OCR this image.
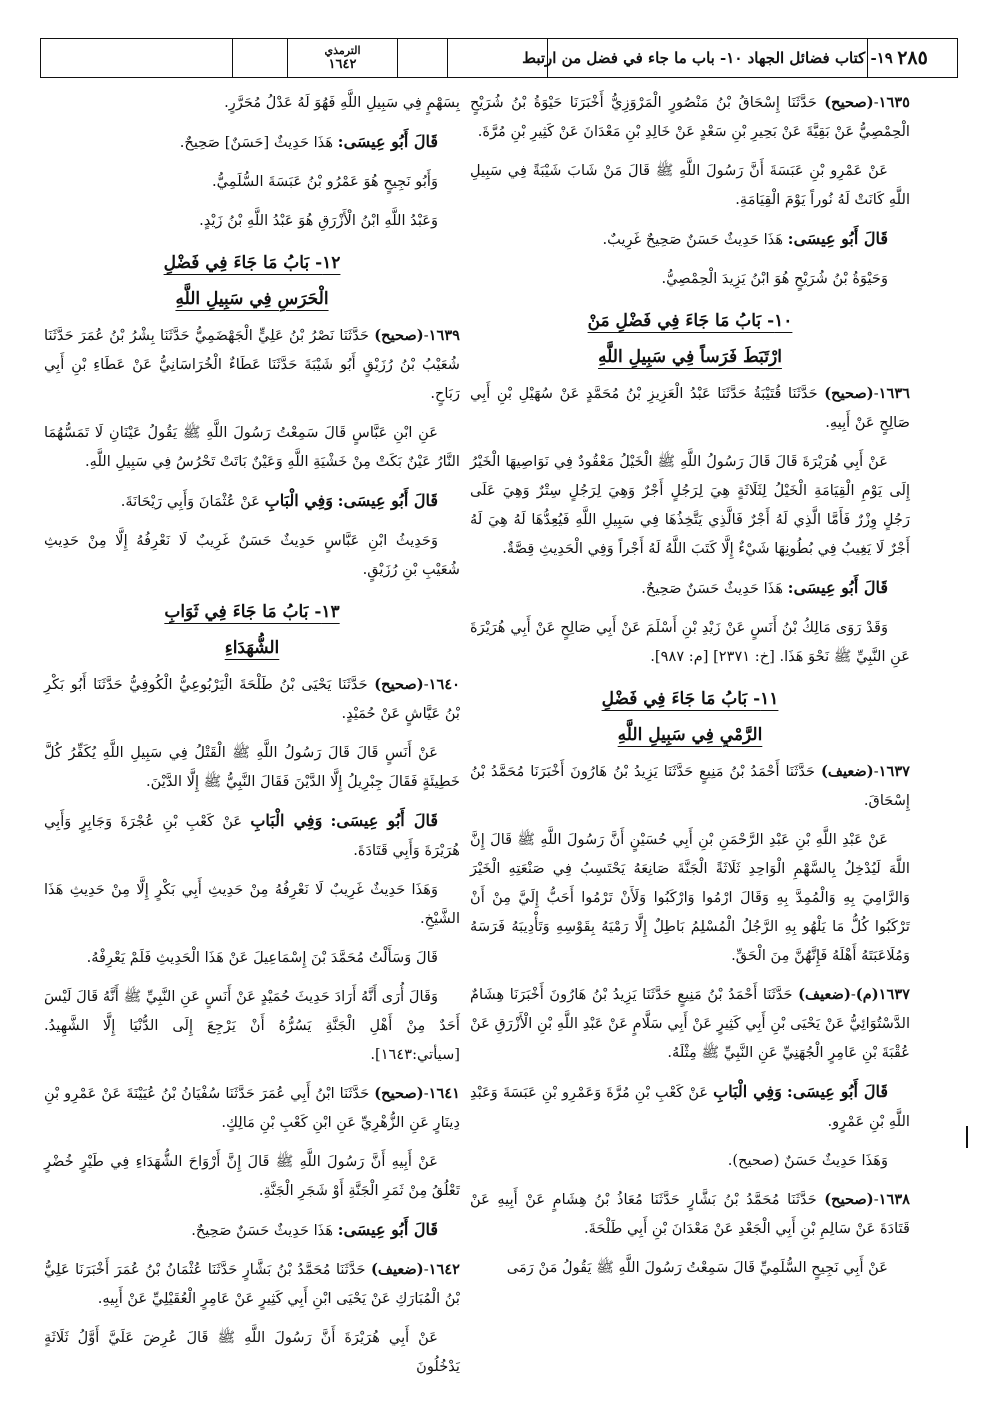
٢٨٥
١٩- كتاب فضائل الجهاد ١٠- باب ما جاء في فضل من ارتبط
الترمذي
١٦٤٢

١٦٣٥-(صحيح) حَدَّثَنَا إِسْحَاقُ بْنُ مَنْصُورٍ الْمَرْوَزِيُّ أَخْبَرَنَا حَيْوَةُ بْنُ شُرَيْحٍ الْحِمْصِيُّ عَنْ بَقِيَّةَ عَنْ بَحِيرِ بْنِ سَعْدٍ عَنْ خَالِدِ بْنِ مَعْدَانَ عَنْ كَثِيرِ بْنِ مُرَّةَ.

عَنْ عَمْرِو بْنِ عَبَسَةَ أَنَّ رَسُولَ اللَّهِ ﷺ قَالَ مَنْ شَابَ شَيْبَةً فِي سَبِيلِ اللَّهِ كَانَتْ لَهُ نُوراً يَوْمَ الْقِيَامَةِ.

قَالَ أَبُو عِيسَى: هَذَا حَدِيثٌ حَسَنٌ صَحِيحٌ غَرِيبٌ.

وَحَيْوَةُ بْنُ شُرَيْحٍ هُوَ ابْنُ يَزِيدَ الْحِمْصِيُّ.

١٠- بَابُ مَا جَاءَ فِي فَضْلِ مَنْ
ارْتَبَطَ فَرَساً فِي سَبِيلِ اللَّهِ

١٦٣٦-(صحيح) حَدَّثَنَا قُتَيْبَةُ حَدَّثَنَا عَبْدُ الْعَزِيزِ بْنُ مُحَمَّدٍ عَنْ سُهَيْلِ بْنِ أَبِي صَالِحٍ عَنْ أَبِيهِ.

عَنْ أَبِي هُرَيْرَةَ قَالَ قَالَ رَسُولُ اللَّهِ ﷺ الْخَيْلُ مَعْقُودٌ فِي نَوَاصِيهَا الْخَيْرُ إِلَى يَوْمِ الْقِيَامَةِ الْخَيْلُ لِثَلَاثَةٍ هِيَ لِرَجُلٍ أَجْرٌ وَهِيَ لِرَجُلٍ سِتْرٌ وَهِيَ عَلَى رَجُلٍ وِزْرٌ فَأَمَّا الَّذِي لَهُ أَجْرٌ فَالَّذِي يَتَّخِذُهَا فِي سَبِيلِ اللَّهِ فَيُعِدُّهَا لَهُ هِيَ لَهُ أَجْرٌ لَا يَغِيبُ فِي بُطُونِهَا شَيْءٌ إِلَّا كَتَبَ اللَّهُ لَهُ أَجْراً وَفِي الْحَدِيثِ قِصَّةٌ.

قَالَ أَبُو عِيسَى: هَذَا حَدِيثٌ حَسَنٌ صَحِيحٌ.

وَقَدْ رَوَى مَالِكُ بْنُ أَنَسٍ عَنْ زَيْدِ بْنِ أَسْلَمَ عَنْ أَبِي صَالِحٍ عَنْ أَبِي هُرَيْرَةَ عَنِ النَّبِيِّ ﷺ نَحْوَ هَذَا. [خ: ٢٣٧١] [م: ٩٨٧].

١١- بَابُ مَا جَاءَ فِي فَضْلِ
الرَّمْيِ فِي سَبِيلِ اللَّهِ

١٦٣٧-(ضعيف) حَدَّثَنَا أَحْمَدُ بْنُ مَنِيعٍ حَدَّثَنَا يَزِيدُ بْنُ هَارُونَ أَخْبَرَنَا مُحَمَّدُ بْنُ إِسْحَاقَ.

عَنْ عَبْدِ اللَّهِ بْنِ عَبْدِ الرَّحْمَنِ بْنِ أَبِي حُسَيْنٍ أَنَّ رَسُولَ اللَّهِ ﷺ قَالَ إِنَّ اللَّهَ لَيُدْخِلُ بِالسَّهْمِ الْوَاحِدِ ثَلَاثَةً الْجَنَّةَ صَانِعَهُ يَحْتَسِبُ فِي صَنْعَتِهِ الْخَيْرَ وَالرَّامِيَ بِهِ وَالْمُمِدَّ بِهِ وَقَالَ ارْمُوا وَارْكَبُوا وَلَأَنْ تَرْمُوا أَحَبُّ إِلَيَّ مِنْ أَنْ تَرْكَبُوا كُلُّ مَا يَلْهُو بِهِ الرَّجُلُ الْمُسْلِمُ بَاطِلٌ إِلَّا رَمْيَهُ بِقَوْسِهِ وَتَأْدِيبَهُ فَرَسَهُ وَمُلَاعَبَتَهُ أَهْلَهُ فَإِنَّهُنَّ مِنَ الْحَقِّ.

١٦٣٧(م)-(ضعيف) حَدَّثَنَا أَحْمَدُ بْنُ مَنِيعٍ حَدَّثَنَا يَزِيدُ بْنُ هَارُونَ أَخْبَرَنَا هِشَامٌ الدَّسْتُوَائِيُّ عَنْ يَحْيَى بْنِ أَبِي كَثِيرٍ عَنْ أَبِي سَلَّامٍ عَنْ عَبْدِ اللَّهِ بْنِ الْأَزْرَقِ عَنْ عُقْبَةَ بْنِ عَامِرٍ الْجُهَنِيِّ عَنِ النَّبِيِّ ﷺ مِثْلَهُ.

قَالَ أَبُو عِيسَى: وَفِي الْبَابِ عَنْ كَعْبِ بْنِ مُرَّةَ وَعَمْرِو بْنِ عَبَسَةَ وَعَبْدِ اللَّهِ بْنِ عَمْرٍو.

وَهَذَا حَدِيثٌ حَسَنٌ (صحيح).

١٦٣٨-(صحيح) حَدَّثَنَا مُحَمَّدُ بْنُ بَشَّارٍ حَدَّثَنَا مُعَاذُ بْنُ هِشَامٍ عَنْ أَبِيهِ عَنْ قَتَادَةَ عَنْ سَالِمِ بْنِ أَبِي الْجَعْدِ عَنْ مَعْدَانَ بْنِ أَبِي طَلْحَةَ.

عَنْ أَبِي نَجِيحٍ السُّلَمِيِّ قَالَ سَمِعْتُ رَسُولَ اللَّهِ ﷺ يَقُولُ مَنْ رَمَى

بِسَهْمٍ فِي سَبِيلِ اللَّهِ فَهُوَ لَهُ عَدْلُ مُحَرَّرٍ.

قَالَ أَبُو عِيسَى: هَذَا حَدِيثٌ [حَسَنٌ] صَحِيحٌ.

وَأَبُو نَجِيحٍ هُوَ عَمْرُو بْنُ عَبَسَةَ السُّلَمِيُّ.

وَعَبْدُ اللَّهِ ابْنُ الْأَزْرَقِ هُوَ عَبْدُ اللَّهِ بْنُ زَيْدٍ.

١٢- بَابُ مَا جَاءَ فِي فَضْلِ
الْحَرَسِ فِي سَبِيلِ اللَّهِ

١٦٣٩-(صحيح) حَدَّثَنَا نَصْرُ بْنُ عَلِيٍّ الْجَهْضَمِيُّ حَدَّثَنَا بِشْرُ بْنُ عُمَرَ حَدَّثَنَا شُعَيْبُ بْنُ رُزَيْقٍ أَبُو شَيْبَةَ حَدَّثَنَا عَطَاءٌ الْخُرَاسَانِيُّ عَنْ عَطَاءِ بْنِ أَبِي رَبَاحٍ.

عَنِ ابْنِ عَبَّاسٍ قَالَ سَمِعْتُ رَسُولَ اللَّهِ ﷺ يَقُولُ عَيْنَانِ لَا تَمَسُّهُمَا النَّارُ عَيْنٌ بَكَتْ مِنْ خَشْيَةِ اللَّهِ وَعَيْنٌ بَاتَتْ تَحْرُسُ فِي سَبِيلِ اللَّهِ.

قَالَ أَبُو عِيسَى: وَفِي الْبَابِ عَنْ عُثْمَانَ وَأَبِي رَيْحَانَةَ.

وَحَدِيثُ ابْنِ عَبَّاسٍ حَدِيثٌ حَسَنٌ غَرِيبٌ لَا نَعْرِفُهُ إِلَّا مِنْ حَدِيثِ شُعَيْبِ بْنِ رُزَيْقٍ.

١٣- بَابُ مَا جَاءَ فِي ثَوَابِ
الشُّهَدَاءِ

١٦٤٠-(صحيح) حَدَّثَنَا يَحْيَى بْنُ طَلْحَةَ الْيَرْبُوعِيُّ الْكُوفِيُّ حَدَّثَنَا أَبُو بَكْرِ بْنُ عَيَّاشٍ عَنْ حُمَيْدٍ.

عَنْ أَنَسٍ قَالَ قَالَ رَسُولُ اللَّهِ ﷺ الْقَتْلُ فِي سَبِيلِ اللَّهِ يُكَفِّرُ كُلَّ خَطِيئَةٍ فَقَالَ جِبْرِيلُ إِلَّا الدَّيْنَ فَقَالَ النَّبِيُّ ﷺ إِلَّا الدَّيْنَ.

قَالَ أَبُو عِيسَى: وَفِي الْبَابِ عَنْ كَعْبِ بْنِ عُجْرَةَ وَجَابِرٍ وَأَبِي هُرَيْرَةَ وَأَبِي قَتَادَةَ.

وَهَذَا حَدِيثٌ غَرِيبٌ لَا نَعْرِفُهُ مِنْ حَدِيثِ أَبِي بَكْرٍ إِلَّا مِنْ حَدِيثِ هَذَا الشَّيْخِ.

قَالَ وَسَأَلْتُ مُحَمَّدَ بْنَ إِسْمَاعِيلَ عَنْ هَذَا الْحَدِيثِ فَلَمْ يَعْرِفْهُ.

وَقَالَ أُرَى أَنَّهُ أَرَادَ حَدِيثَ حُمَيْدٍ عَنْ أَنَسٍ عَنِ النَّبِيِّ ﷺ أَنَّهُ قَالَ لَيْسَ أَحَدٌ مِنْ أَهْلِ الْجَنَّةِ يَسُرُّهُ أَنْ يَرْجِعَ إِلَى الدُّنْيَا إِلَّا الشَّهِيدُ. [سيأتي:١٦٤٣].

١٦٤١-(صحيح) حَدَّثَنَا ابْنُ أَبِي عُمَرَ حَدَّثَنَا سُفْيَانُ بْنُ عُيَيْنَةَ عَنْ عَمْرِو بْنِ دِينَارٍ عَنِ الزُّهْرِيِّ عَنِ ابْنِ كَعْبِ بْنِ مَالِكٍ.

عَنْ أَبِيهِ أَنَّ رَسُولَ اللَّهِ ﷺ قَالَ إِنَّ أَرْوَاحَ الشُّهَدَاءِ فِي طَيْرٍ خُضْرٍ تَعْلُقُ مِنْ ثَمَرِ الْجَنَّةِ أَوْ شَجَرِ الْجَنَّةِ.

قَالَ أَبُو عِيسَى: هَذَا حَدِيثٌ حَسَنٌ صَحِيحٌ.

١٦٤٢-(ضعيف) حَدَّثَنَا مُحَمَّدُ بْنُ بَشَّارٍ حَدَّثَنَا عُثْمَانُ بْنُ عُمَرَ أَخْبَرَنَا عَلِيُّ بْنُ الْمُبَارَكِ عَنْ يَحْيَى ابْنِ أَبِي كَثِيرٍ عَنْ عَامِرٍ الْعُقَيْلِيِّ عَنْ أَبِيهِ.

عَنْ أَبِي هُرَيْرَةَ أَنَّ رَسُولَ اللَّهِ ﷺ قَالَ عُرِضَ عَلَيَّ أَوَّلُ ثَلَاثَةٍ يَدْخُلُونَ
